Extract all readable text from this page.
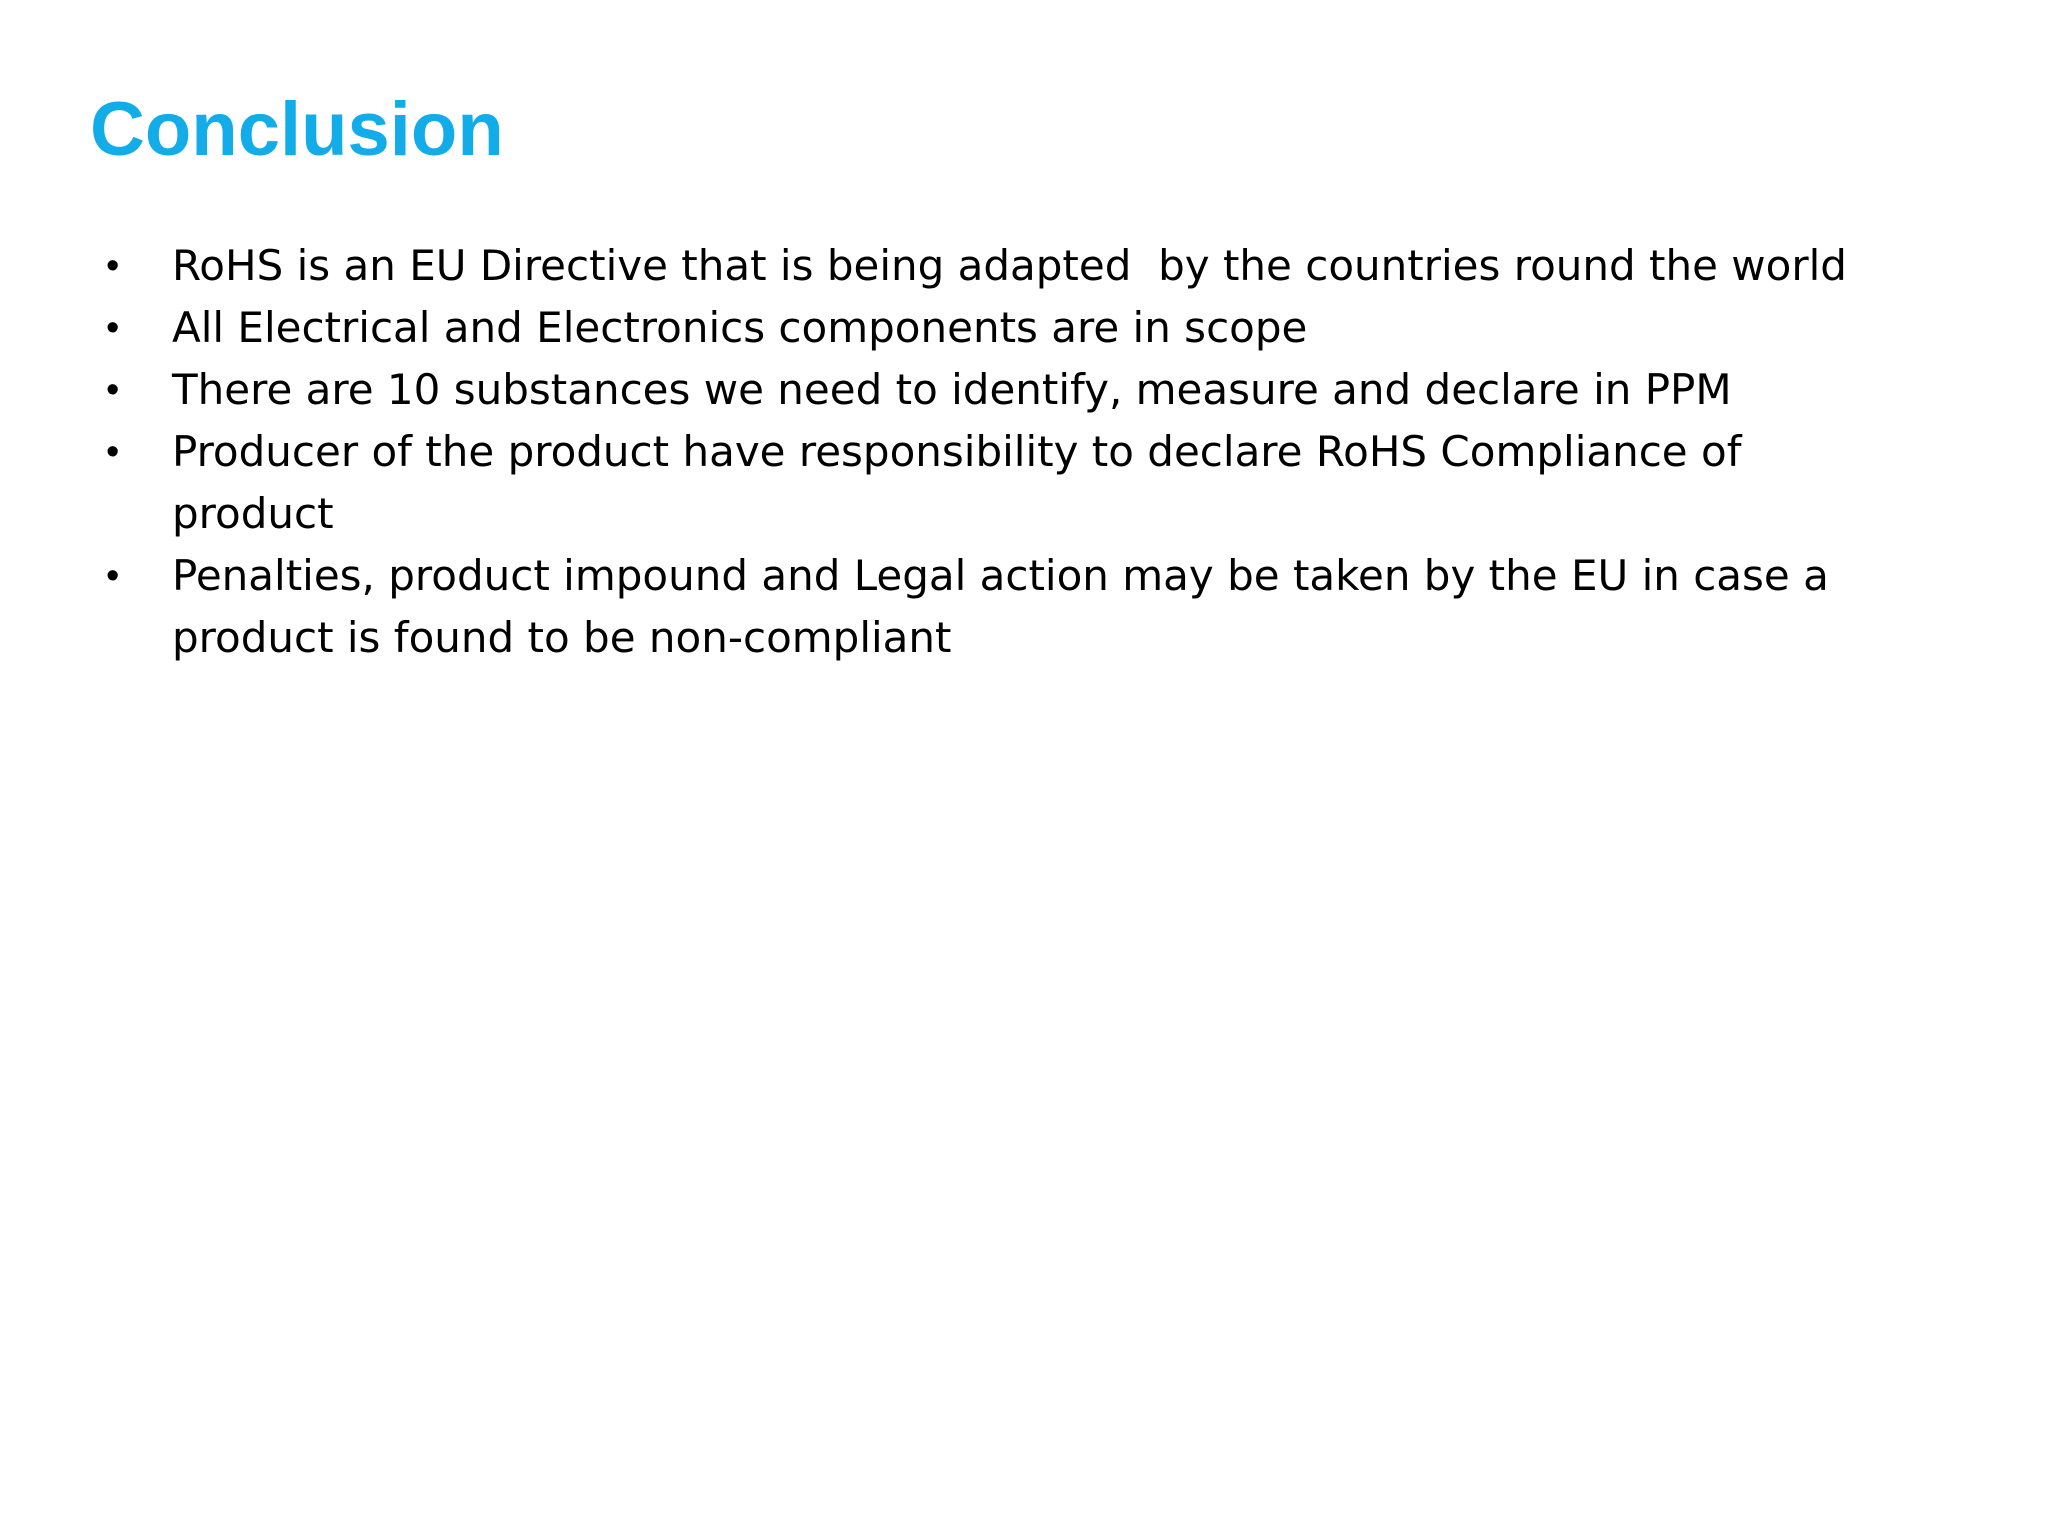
Conclusion
•	RoHS is an EU Directive that is being adapted  by the countries round the world
•	All Electrical and Electronics components are in scope
•	There are 10 substances we need to identify, measure and declare in PPM
•	Producer of the product have responsibility to declare RoHS Compliance of product
•	Penalties, product impound and Legal action may be taken by the EU in case a product is found to be non-compliant
